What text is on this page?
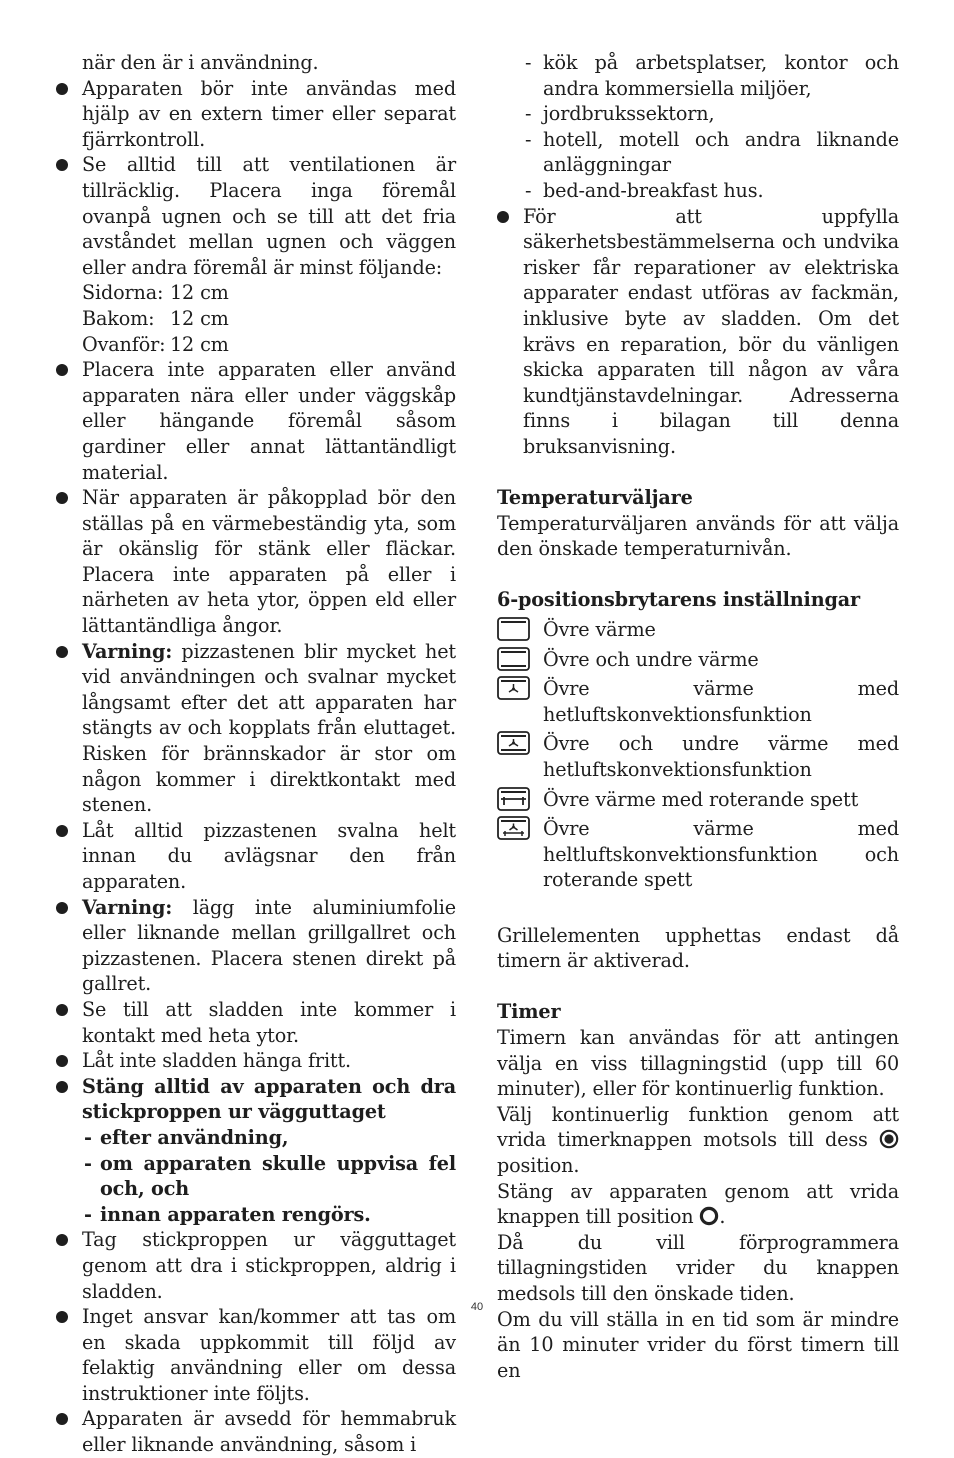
när den är i användning.
Apparaten bör inte användas med hjälp av en extern timer eller separat fjärrkontroll.
Se alltid till att ventilationen är tillräcklig. Placera inga föremål ovanpå ugnen och se till att det fria avståndet mellan ugnen och väggen eller andra föremål är minst följande:
Sidorna: 12 cm
Bakom: 12 cm
Ovanför: 12 cm
Placera inte apparaten eller använd apparaten nära eller under väggskåp eller hängande föremål såsom gardiner eller annat lättantändligt material.
När apparaten är påkopplad bör den ställas på en värmebeständig yta, som är okänslig för stänk eller fläckar. Placera inte apparaten på eller i närheten av heta ytor, öppen eld eller lättantändliga ångor.
Varning: pizzastenen blir mycket het vid användningen och svalnar mycket långsamt efter det att apparaten har stängts av och kopplats från eluttaget. Risken för brännskador är stor om någon kommer i direktkontakt med stenen.
Låt alltid pizzastenen svalna helt innan du avlägsnar den från apparaten.
Varning: lägg inte aluminiumfolie eller liknande mellan grillgallret och pizzastenen. Placera stenen direkt på gallret.
Se till att sladden inte kommer i kontakt med heta ytor.
Låt inte sladden hänga fritt.
Stäng alltid av apparaten och dra stickproppen ur vägguttaget
- efter användning,
- om apparaten skulle uppvisa fel och, och
- innan apparaten rengörs.
Tag stickproppen ur vägguttaget genom att dra i stickproppen, aldrig i sladden.
Inget ansvar kan/kommer att tas om en skada uppkommit till följd av felaktig användning eller om dessa instruktioner inte följts.
Apparaten är avsedd för hemmabruk eller liknande användning, såsom i
- kök på arbetsplatser, kontor och andra kommersiella miljöer,
- jordbrukssektorn,
- hotell, motell och andra liknande anläggningar
- bed-and-breakfast hus.
För att uppfylla säkerhetsbestämmelserna och undvika risker får reparationer av elektriska apparater endast utföras av fackmän, inklusive byte av sladden. Om det krävs en reparation, bör du vänligen skicka apparaten till någon av våra kundtjänstavdelningar. Adresserna finns i bilagan till denna bruksanvisning.
Temperaturväljare
Temperaturväljaren används för att välja den önskade temperaturnivån.
6-positionsbrytarens inställningar
Övre värme
Övre och undre värme
Övre värme med hetluftskonvektionsfunktion
Övre och undre värme med hetluftskonvektionsfunktion
Övre värme med roterande spett
Övre värme med heltluftskonvektionsfunktion och roterande spett
Grillelementen upphettas endast då timern är aktiverad.
Timer
Timern kan användas för att antingen välja en viss tillagningstid (upp till 60 minuter), eller för kontinuerlig funktion.
Välj kontinuerlig funktion genom att vrida timerknappen motsols till dess  position.
Stäng av apparaten genom att vrida knappen till position .
Då du vill förprogrammera tillagningstiden vrider du knappen medsols till den önskade tiden.
Om du vill ställa in en tid som är mindre än 10 minuter vrider du först timern till en
40
